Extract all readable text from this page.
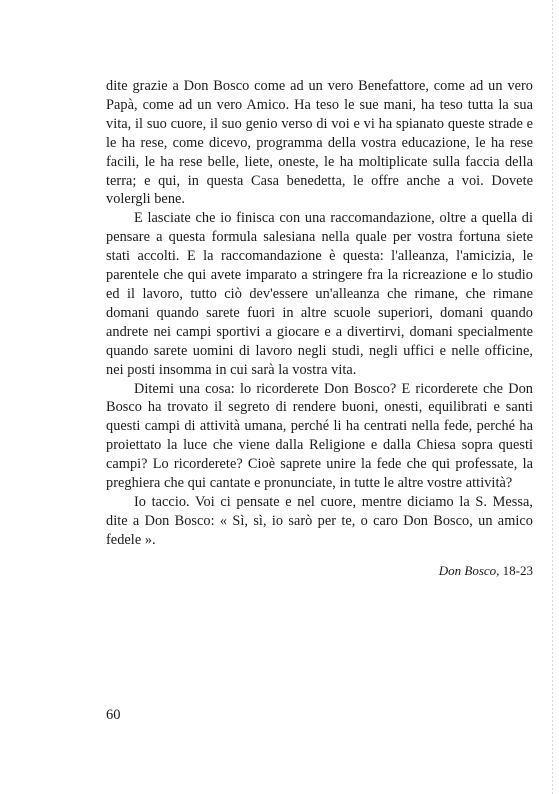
dite grazie a Don Bosco come ad un vero Benefattore, come ad un vero Papà, come ad un vero Amico. Ha teso le sue mani, ha teso tutta la sua vita, il suo cuore, il suo genio verso di voi e vi ha spianato queste strade e le ha rese, come dicevo, programma della vostra educazione, le ha rese facili, le ha rese belle, liete, oneste, le ha moltiplicate sulla faccia della terra; e qui, in questa Casa benedetta, le offre anche a voi. Dovete volergli bene.

E lasciate che io finisca con una raccomandazione, oltre a quella di pensare a questa formula salesiana nella quale per vostra fortuna siete stati accolti. E la raccomandazione è questa: l'alleanza, l'amicizia, le parentele che qui avete imparato a stringere fra la ricreazione e lo studio ed il lavoro, tutto ciò dev'essere un'alleanza che rimane, che rimane domani quando sarete fuori in altre scuole superiori, domani quando andrete nei campi sportivi a giocare e a divertirvi, domani specialmente quando sarete uomini di lavoro negli studi, negli uffici e nelle officine, nei posti insomma in cui sarà la vostra vita.

Ditemi una cosa: lo ricorderete Don Bosco? E ricorderete che Don Bosco ha trovato il segreto di rendere buoni, onesti, equilibrati e santi questi campi di attività umana, perché li ha centrati nella fede, perché ha proiettato la luce che viene dalla Religione e dalla Chiesa sopra questi campi? Lo ricorderete? Cioè saprete unire la fede che qui professate, la preghiera che qui cantate e pronunciate, in tutte le altre vostre attività?

Io taccio. Voi ci pensate e nel cuore, mentre diciamo la S. Messa, dite a Don Bosco: « Sì, sì, io sarò per te, o caro Don Bosco, un amico fedele ».

Don Bosco, 18-23
60
